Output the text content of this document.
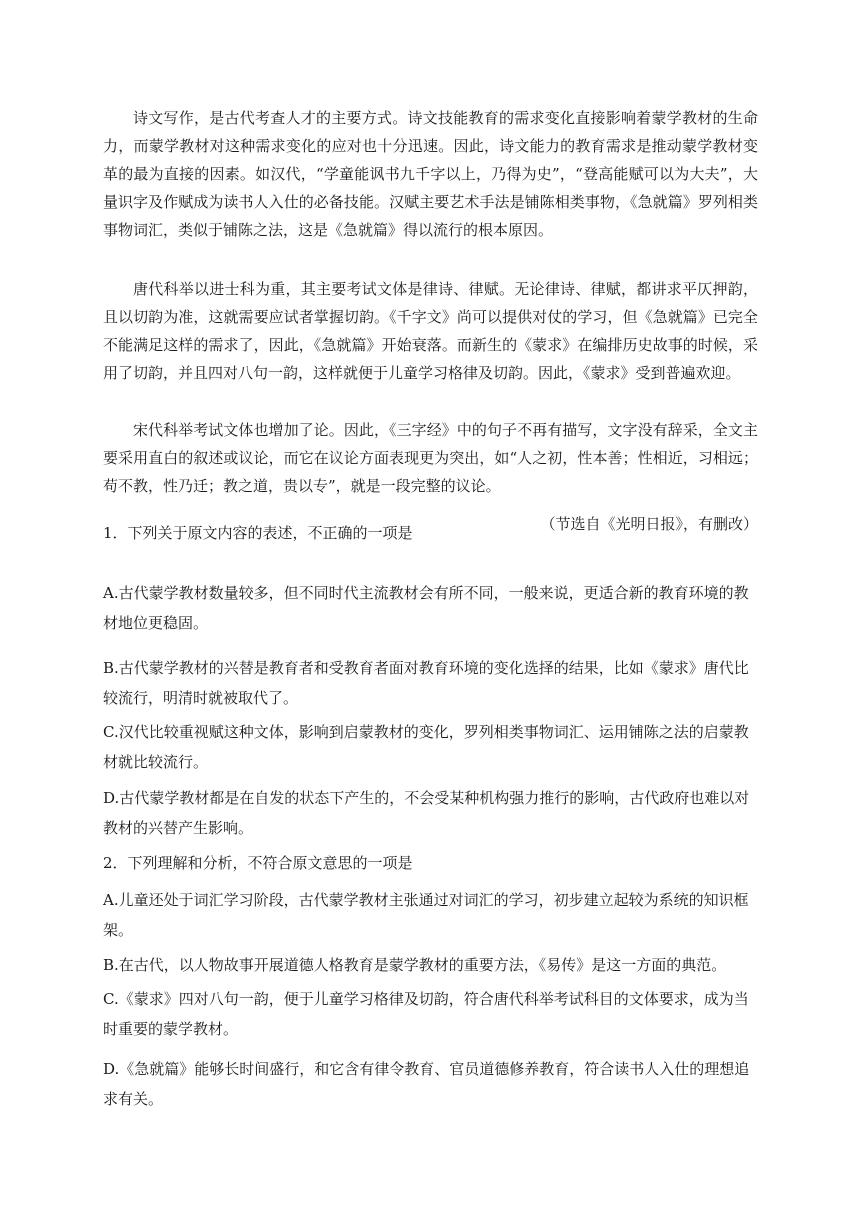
诗文写作，是古代考查人才的主要方式。诗文技能教育的需求变化直接影响着蒙学教材的生命力，而蒙学教材对这种需求变化的应对也十分迅速。因此，诗文能力的教育需求是推动蒙学教材变革的最为直接的因素。如汉代，“学童能讽书九千字以上，乃得为史”，“登高能赋可以为大夫”，大量识字及作赋成为读书人入仕的必备技能。汉赋主要艺术手法是铺陈相类事物，《急就篇》罗列相类事物词汇，类似于铺陈之法，这是《急就篇》得以流行的根本原因。

唐代科举以进士科为重，其主要考试文体是律诗、律赋。无论律诗、律赋，都讲求平仄押韵，且以切韵为准，这就需要应试者掌握切韵。《千字文》尚可以提供对仗的学习，但《急就篇》已完全不能满足这样的需求了，因此，《急就篇》开始衰落。而新生的《蒙求》在编排历史故事的时候，采用了切韵，并且四对八句一韵，这样就便于儿童学习格律及切韵。因此，《蒙求》受到普遍欢迎。

宋代科举考试文体也增加了论。因此，《三字经》中的句子不再有描写，文字没有辞采，全文主要采用直白的叙述或议论，而它在议论方面表现更为突出，如“人之初，性本善；性相近，习相远；苟不教，性乃迁；教之道，贵以专”，就是一段完整的议论。

（节选自《光明日报》，有删改）

1．下列关于原文内容的表述，不正确的一项是

A.古代蒙学教材数量较多，但不同时代主流教材会有所不同，一般来说，更适合新的教育环境的教材地位更稳固。

B.古代蒙学教材的兴替是教育者和受教育者面对教育环境的变化选择的结果，比如《蒙求》唐代比较流行，明清时就被取代了。

C.汉代比较重视赋这种文体，影响到启蒙教材的变化，罗列相类事物词汇、运用铺陈之法的启蒙教材就比较流行。

D.古代蒙学教材都是在自发的状态下产生的，不会受某种机构强力推行的影响，古代政府也难以对教材的兴替产生影响。

2．下列理解和分析，不符合原文意思的一项是

A.儿童还处于词汇学习阶段，古代蒙学教材主张通过对词汇的学习，初步建立起较为系统的知识框架。

B.在古代，以人物故事开展道德人格教育是蒙学教材的重要方法，《易传》是这一方面的典范。

C.《蒙求》四对八句一韵，便于儿童学习格律及切韵，符合唐代科举考试科目的文体要求，成为当时重要的蒙学教材。

D.《急就篇》能够长时间盛行，和它含有律令教育、官员道德修养教育，符合读书人入仕的理想追求有关。
